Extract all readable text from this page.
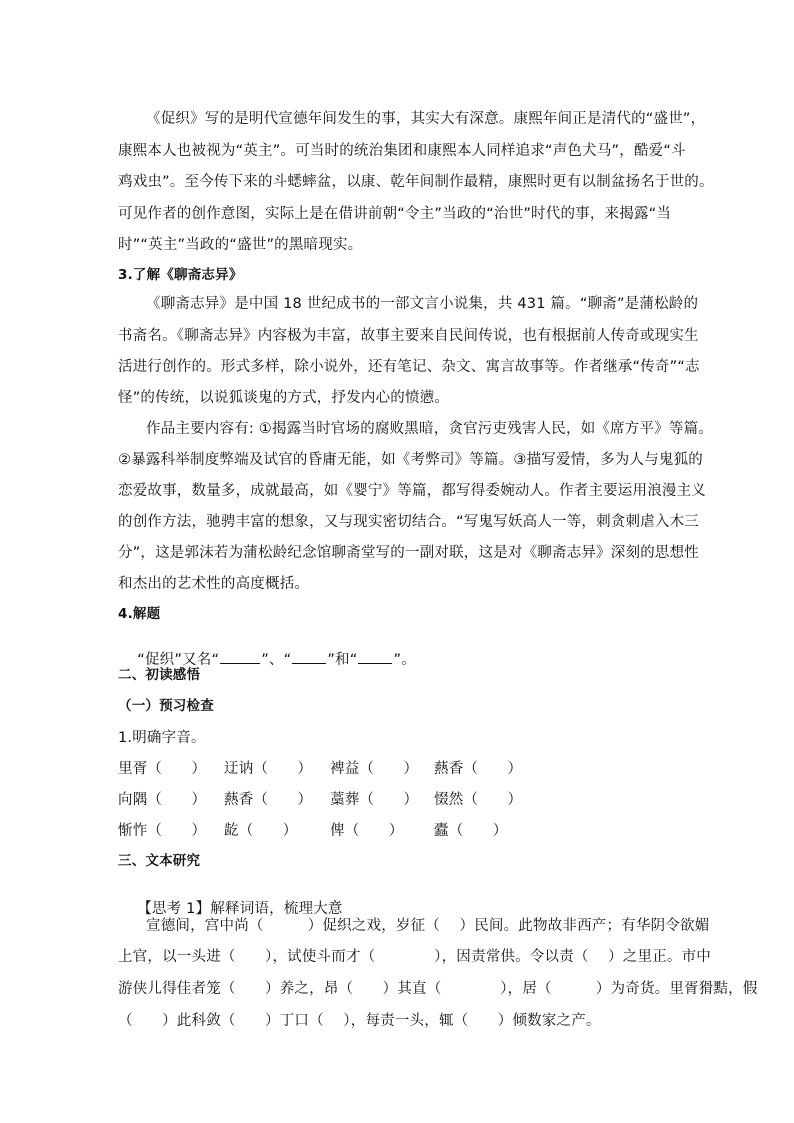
《促织》写的是明代宣德年间发生的事，其实大有深意。康熙年间正是清代的“盛世”，
康熙本人也被视为“英主”。可当时的统治集团和康熙本人同样追求“声色犬马”，酷爱“斗
鸡戏虫”。至今传下来的斗蟋蟀盆，以康、乾年间制作最精，康熙时更有以制盆扬名于世的。
可见作者的创作意图，实际上是在借讲前朝“令主”当政的“治世”时代的事，来揭露“当
时”“英主”当政的“盛世”的黑暗现实。
3.了解《聊斋志异》
《聊斋志异》是中国 18 世纪成书的一部文言小说集，共 431 篇。“聊斋”是蒲松龄的
书斋名。《聊斋志异》内容极为丰富，故事主要来自民间传说，也有根据前人传奇或现实生
活进行创作的。形式多样，除小说外，还有笔记、杂文、寓言故事等。作者继承“传奇”“志
怪”的传统，以说狐谈鬼的方式，抒发内心的愤懑。
作品主要内容有: ①揭露当时官场的腐败黑暗，贪官污吏残害人民，如《席方平》等篇。
②暴露科举制度弊端及试官的昏庸无能，如《考弊司》等篇。③描写爱情，多为人与鬼狐的
恋爱故事，数量多，成就最高，如《婴宁》等篇，都写得委婉动人。作者主要运用浪漫主义
的创作方法，驰骋丰富的想象，又与现实密切结合。“写鬼写妖高人一等，刺贪刺虐入木三
分”，这是郭沫若为蒲松龄纪念馆聊斋堂写的一副对联，这是对《聊斋志异》深刻的思想性
和杰出的艺术性的高度概括。
4.解题

“促织”又名“	”、“ ”和“ ”。

二、初读感悟
（一）预习检查
1.明确字音。
里胥（　　） 迂讷（　　） 裨益（　　） 爇香（　　）
向隅（　　） 爇香（　　） 藁葬（　　） 惙然（　　）
惭怍（　　） 龁（　　） 俾（　　） 蠹（　　）
三、文本研究

【思考 1】解释词语，梳理大意

宣德间，宫中尚（　　　）促织之戏，岁征（　 ）民间。此物故非西产；有华阴令欲媚
上官，以一头进（　　），试使斗而才（　　　　），因责常供。令以责（　 ）之里正。市中
游侠儿得佳者笼（　　）养之，昂（　　）其直（　　　　），居（　　　）为奇货。里胥猾黠，假
（　　）此科敛（　　）丁口（　 ），每责一头，辄（　　）倾数家之产。
